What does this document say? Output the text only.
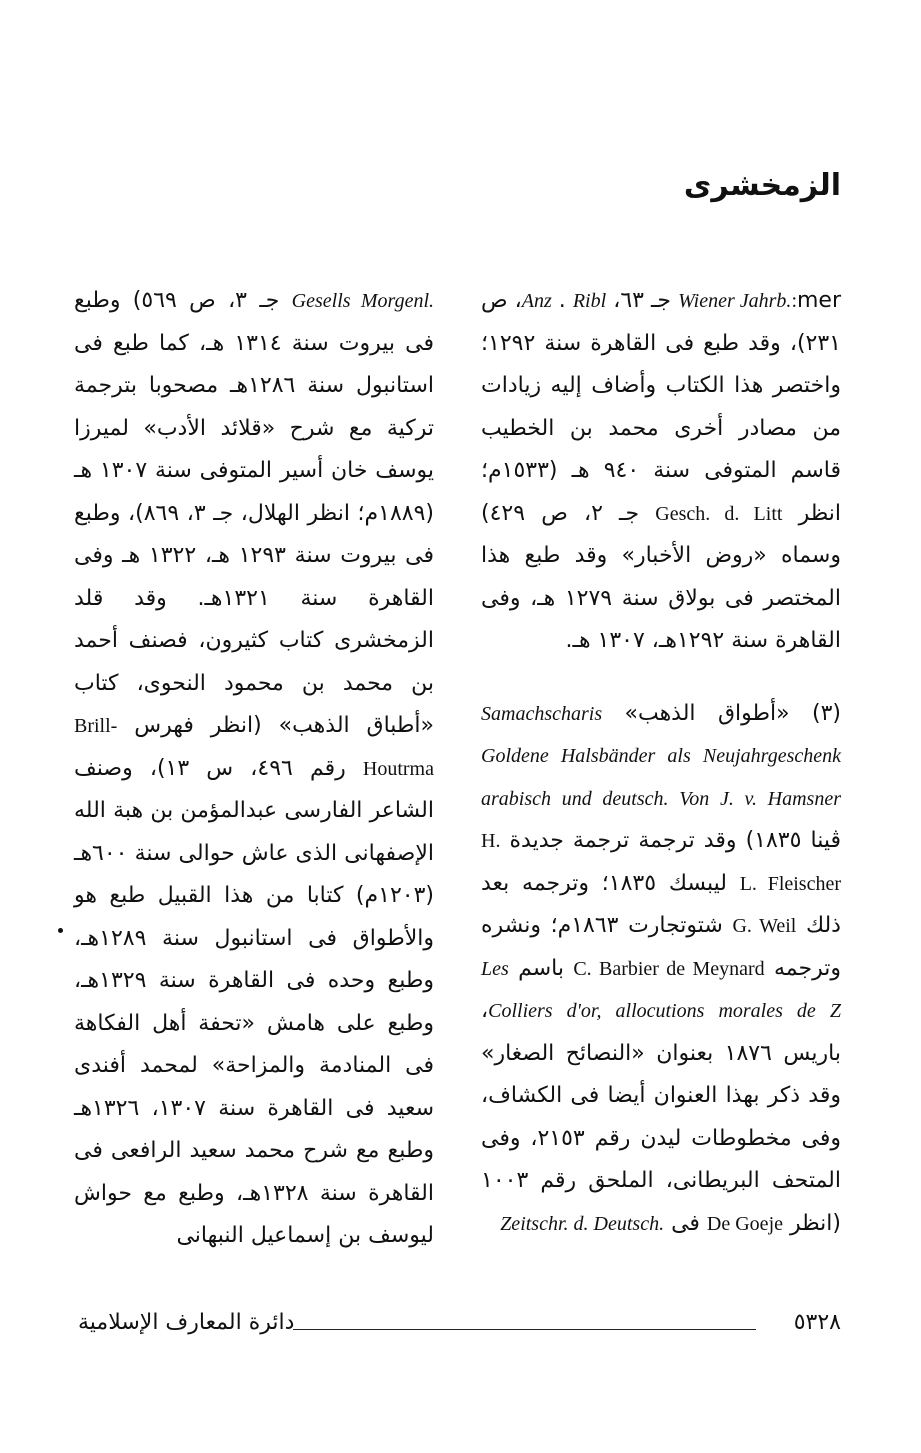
الزمخشرى

mer:Wiener Jahrb. جـ ٦٣، Ribl . Anz، ص ٢٣١)، وقد طبع فى القاهرة سنة ١٢٩٢؛ واختصر هذا الكتاب وأضاف إليه زيادات من مصادر أخرى محمد بن الخطيب قاسم المتوفى سنة ٩٤٠ هـ (١٥٣٣م؛ انظر Gesch. d. Litt جـ ٢، ص ٤٢٩) وسماه «روض الأخبار» وقد طبع هذا المختصر فى بولاق سنة ١٢٧٩ هـ، وفى القاهرة سنة ١٢٩٢هـ، ١٣٠٧ هـ.

(٣) «أطواق الذهب» Samachscharis Goldene Halsbänder als Neujahrgeschenk arabisch und deutsch. Von J. v. Hamsner ڤينا ١٨٣٥) وقد ترجمة ترجمة جديدة H. L. Fleischer ليبسك ١٨٣٥؛ وترجمه بعد ذلك G. Weil شتوتجارت ١٨٦٣م؛ ونشره وترجمه C. Barbier de Meynard باسم Les Colliers d'or, allocutions morales de Z، باريس ١٨٧٦ بعنوان «النصائح الصغار» وقد ذكر بهذا العنوان أيضا فى الكشاف، وفى مخطوطات ليدن رقم ٢١٥٣، وفى المتحف البريطانى، الملحق رقم ١٠٠٣ (انظر De Goeje فى Zeitschr. d. Deutsch.

Gesells Morgenl. جـ ٣، ص ٥٦٩) وطبع فى بيروت سنة ١٣١٤ هـ، كما طبع فى استانبول سنة ١٢٨٦هـ مصحوبا بترجمة تركية مع شرح «قلائد الأدب» لميرزا يوسف خان أسير المتوفى سنة ١٣٠٧ هـ (١٨٨٩م؛ انظر الهلال، جـ ٣، ٨٦٩)، وطبع فى بيروت سنة ١٢٩٣ هـ، ١٣٢٢ هـ وفى القاهرة سنة ١٣٢١هـ. وقد قلد الزمخشرى كتاب كثيرون، فصنف أحمد بن محمد بن محمود النحوى، كتاب «أطباق الذهب» (انظر فهرس Brill-Houtrma رقم ٤٩٦، س ١٣)، وصنف الشاعر الفارسى عبدالمؤمن بن هبة الله الإصفهانى الذى عاش حوالى سنة ٦٠٠هـ (١٢٠٣م) كتابا من هذا القبيل طبع هو والأطواق فى استانبول سنة ١٢٨٩هـ، وطبع وحده فى القاهرة سنة ١٣٢٩هـ، وطبع على هامش «تحفة أهل الفكاهة فى المنادمة والمزاحة» لمحمد أفندى سعيد فى القاهرة سنة ١٣٠٧، ١٣٢٦هـ وطبع مع شرح محمد سعيد الرافعى فى القاهرة سنة ١٣٢٨هـ، وطبع مع حواش ليوسف بن إسماعيل النبهانى

٥٣٢٨
دائرة المعارف الإسلامية
